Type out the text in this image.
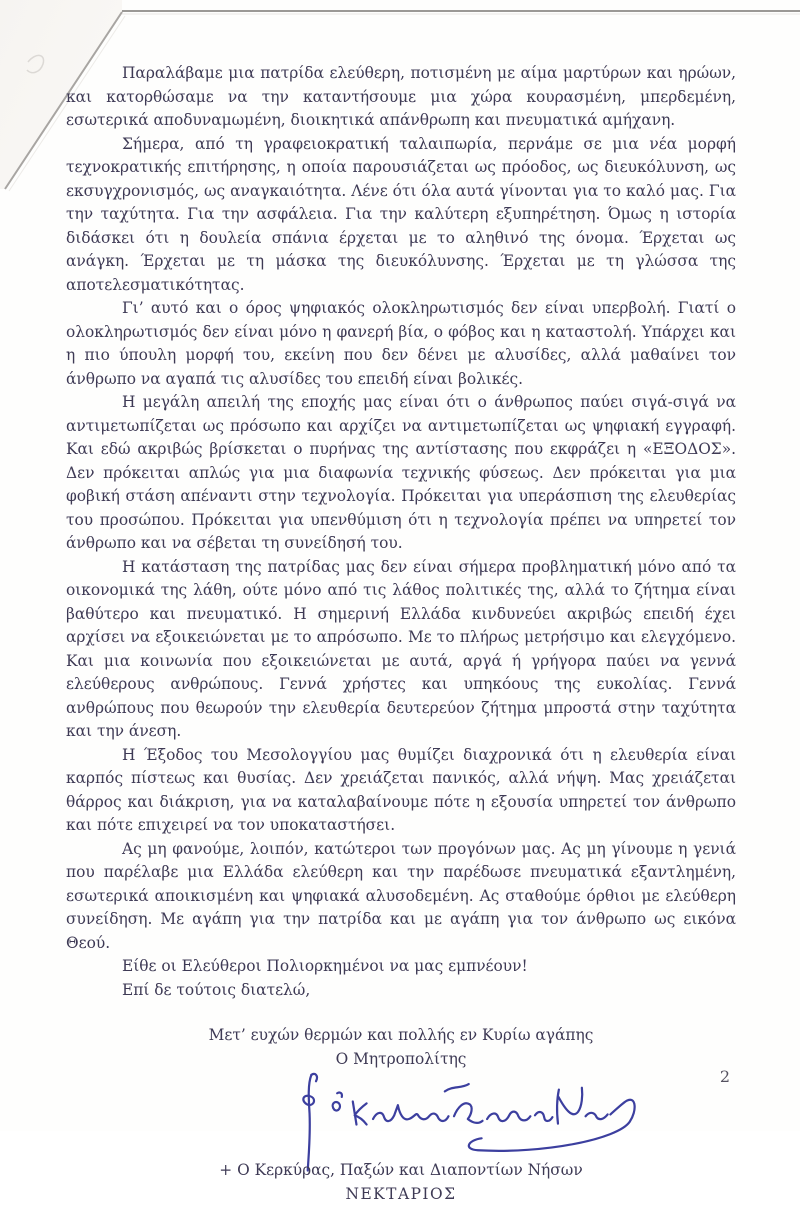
Παραλάβαμε μια πατρίδα ελεύθερη, ποτισμένη με αίμα μαρτύρων και ηρώων, και κατορθώσαμε να την καταντήσουμε μια χώρα κουρασμένη, μπερδεμένη, εσωτερικά αποδυναμωμένη, διοικητικά απάνθρωπη και πνευματικά αμήχανη.

Σήμερα, από τη γραφειοκρατική ταλαιπωρία, περνάμε σε μια νέα μορφή τεχνοκρατικής επιτήρησης, η οποία παρουσιάζεται ως πρόοδος, ως διευκόλυνση, ως εκσυγχρονισμός, ως αναγκαιότητα. Λένε ότι όλα αυτά γίνονται για το καλό μας. Για την ταχύτητα. Για την ασφάλεια. Για την καλύτερη εξυπηρέτηση. Όμως η ιστορία διδάσκει ότι η δουλεία σπάνια έρχεται με το αληθινό της όνομα. Έρχεται ως ανάγκη. Έρχεται με τη μάσκα της διευκόλυνσης. Έρχεται με τη γλώσσα της αποτελεσματικότητας.

Γι’ αυτό και ο όρος ψηφιακός ολοκληρωτισμός δεν είναι υπερβολή. Γιατί ο ολοκληρωτισμός δεν είναι μόνο η φανερή βία, ο φόβος και η καταστολή. Υπάρχει και η πιο ύπουλη μορφή του, εκείνη που δεν δένει με αλυσίδες, αλλά μαθαίνει τον άνθρωπο να αγαπά τις αλυσίδες του επειδή είναι βολικές.

Η μεγάλη απειλή της εποχής μας είναι ότι ο άνθρωπος παύει σιγά-σιγά να αντιμετωπίζεται ως πρόσωπο και αρχίζει να αντιμετωπίζεται ως ψηφιακή εγγραφή. Και εδώ ακριβώς βρίσκεται ο πυρήνας της αντίστασης που εκφράζει η «ΕΞΟΔΟΣ». Δεν πρόκειται απλώς για μια διαφωνία τεχνικής φύσεως. Δεν πρόκειται για μια φοβική στάση απέναντι στην τεχνολογία. Πρόκειται για υπεράσπιση της ελευθερίας του προσώπου. Πρόκειται για υπενθύμιση ότι η τεχνολογία πρέπει να υπηρετεί τον άνθρωπο και να σέβεται τη συνείδησή του.

Η κατάσταση της πατρίδας μας δεν είναι σήμερα προβληματική μόνο από τα οικονομικά της λάθη, ούτε μόνο από τις λάθος πολιτικές της, αλλά το ζήτημα είναι βαθύτερο και πνευματικό. Η σημερινή Ελλάδα κινδυνεύει ακριβώς επειδή έχει αρχίσει να εξοικειώνεται με το απρόσωπο. Με το πλήρως μετρήσιμο και ελεγχόμενο. Και μια κοινωνία που εξοικειώνεται με αυτά, αργά ή γρήγορα παύει να γεννά ελεύθερους ανθρώπους. Γεννά χρήστες και υπηκόους της ευκολίας. Γεννά ανθρώπους που θεωρούν την ελευθερία δευτερεύον ζήτημα μπροστά στην ταχύτητα και την άνεση.

Η Έξοδος του Μεσολογγίου μας θυμίζει διαχρονικά ότι η ελευθερία είναι καρπός πίστεως και θυσίας. Δεν χρειάζεται πανικός, αλλά νήψη. Μας χρειάζεται θάρρος και διάκριση, για να καταλαβαίνουμε πότε η εξουσία υπηρετεί τον άνθρωπο και πότε επιχειρεί να τον υποκαταστήσει.

Ας μη φανούμε, λοιπόν, κατώτεροι των προγόνων μας. Ας μη γίνουμε η γενιά που παρέλαβε μια Ελλάδα ελεύθερη και την παρέδωσε πνευματικά εξαντλημένη, εσωτερικά αποικισμένη και ψηφιακά αλυσοδεμένη. Ας σταθούμε όρθιοι με ελεύθερη συνείδηση. Με αγάπη για την πατρίδα και με αγάπη για τον άνθρωπο ως εικόνα Θεού.

Είθε οι Ελεύθεροι Πολιορκημένοι να μας εμπνέουν!

Επί δε τούτοις διατελώ,

Μετ’ ευχών θερμών και πολλής εν Κυρίω αγάπης
Ο Μητροπολίτης
+ Ο Κερκύρας, Παξών και Διαποντίων Νήσων
ΝΕΚΤΑΡΙΟΣ
2
